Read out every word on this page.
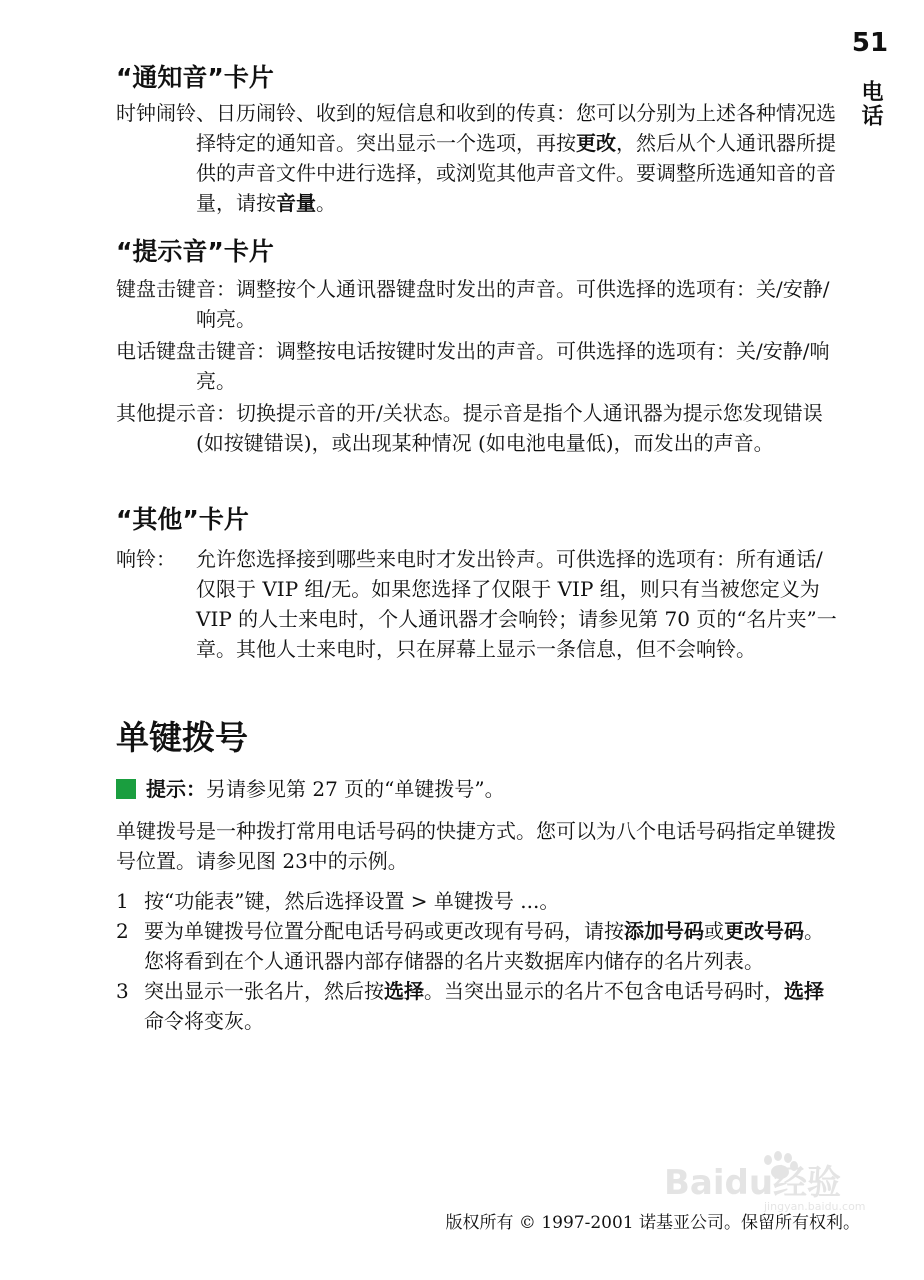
51
电话
“通知音”卡片

时钟闹铃、日历闹铃、收到的短信息和收到的传真：您可以分别为上述各种情况选择特定的通知音。突出显示一个选项，再按更改，然后从个人通讯器所提供的声音文件中进行选择，或浏览其他声音文件。要调整所选通知音的音量，请按音量。

“提示音”卡片

键盘击键音：调整按个人通讯器键盘时发出的声音。可供选择的选项有：关/安静/响亮。

电话键盘击键音：调整按电话按键时发出的声音。可供选择的选项有：关/安静/响亮。

其他提示音：切换提示音的开/关状态。提示音是指个人通讯器为提示您发现错误 (如按键错误)，或出现某种情况 (如电池电量低)，而发出的声音。

“其他”卡片

响铃： 允许您选择接到哪些来电时才发出铃声。可供选择的选项有：所有通话/仅限于 VIP 组/无。如果您选择了仅限于 VIP 组，则只有当被您定义为 VIP 的人士来电时，个人通讯器才会响铃；请参见第 70 页的“名片夹”一章。其他人士来电时，只在屏幕上显示一条信息，但不会响铃。

单键拨号

提示： 另请参见第 27 页的“单键拨号”。

单键拨号是一种拨打常用电话号码的快捷方式。您可以为八个电话号码指定单键拨号位置。请参见图 23中的示例。

1 按“功能表”键，然后选择设置 > 单键拨号 ...。
2 要为单键拨号位置分配电话号码或更改现有号码，请按添加号码或更改号码。您将看到在个人通讯器内部存储器的名片夹数据库内储存的名片列表。
3 突出显示一张名片，然后按选择。当突出显示的名片不包含电话号码时，选择命令将变灰。
Baidu经验
jingyan.baidu.com
版权所有 © 1997-2001 诺基亚公司。保留所有权利。
